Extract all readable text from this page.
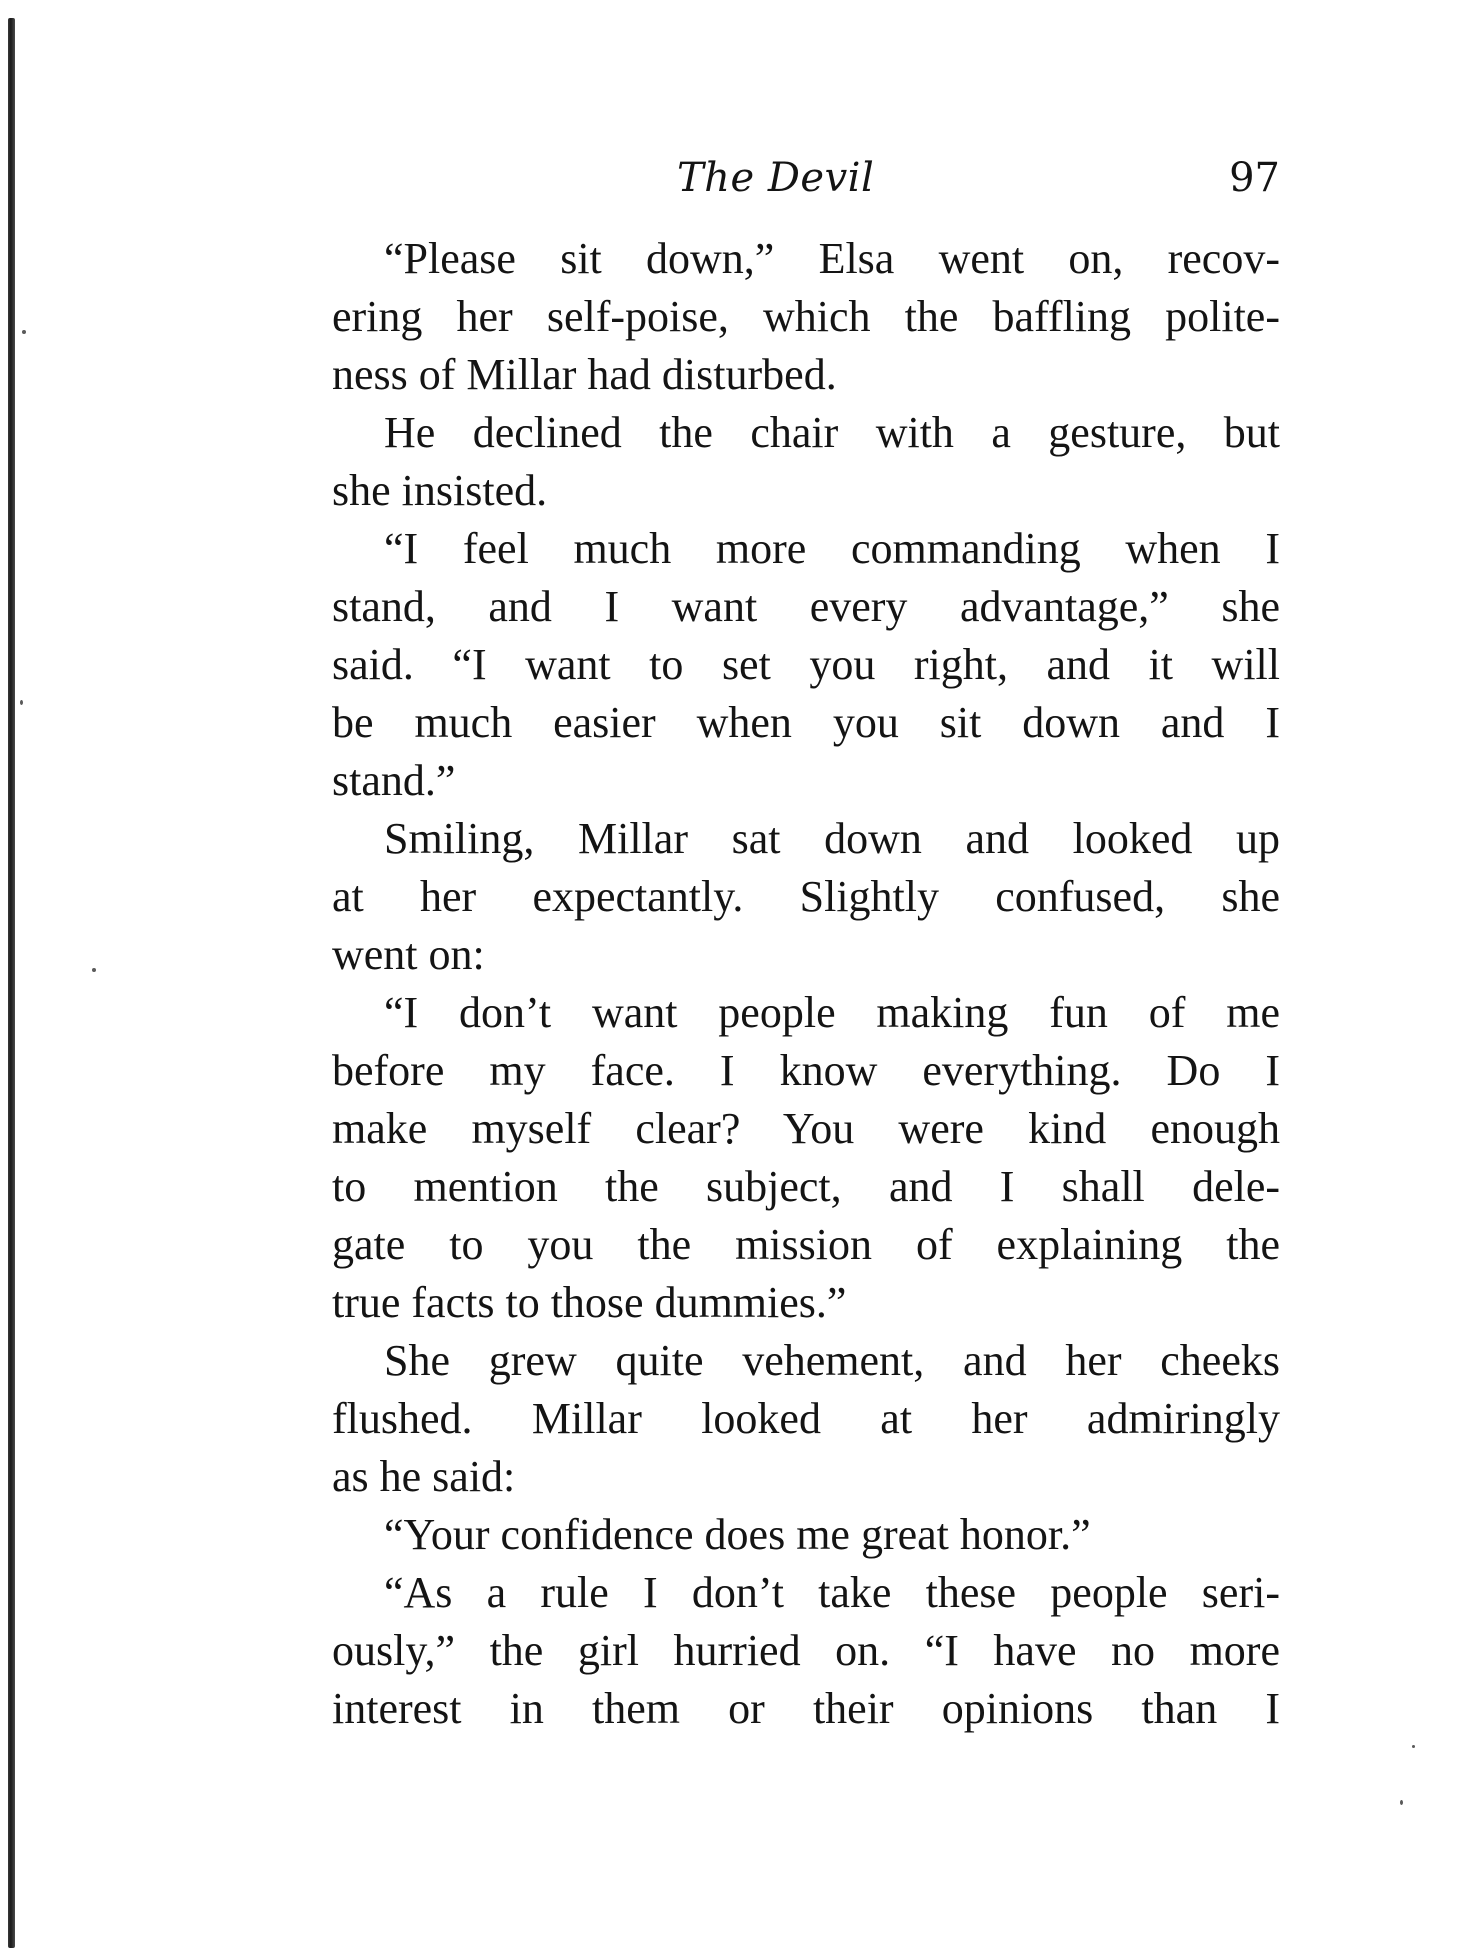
The Devil	97
“Please sit down,” Elsa went on, recov-
ering her self-poise, which the baffling polite-
ness of Millar had disturbed.
He declined the chair with a gesture, but
she insisted.
“I feel much more commanding when I
stand, and I want every advantage,” she
said. “I want to set you right, and it will
be much easier when you sit down and I
stand.”
Smiling, Millar sat down and looked up
at her expectantly. Slightly confused, she
went on:
“I don’t want people making fun of me
before my face. I know everything. Do I
make myself clear? You were kind enough
to mention the subject, and I shall dele-
gate to you the mission of explaining the
true facts to those dummies.”
She grew quite vehement, and her cheeks
flushed. Millar looked at her admiringly
as he said:
“Your confidence does me great honor.”
“As a rule I don’t take these people seri-
ously,” the girl hurried on. “I have no more
interest in them or their opinions than I
